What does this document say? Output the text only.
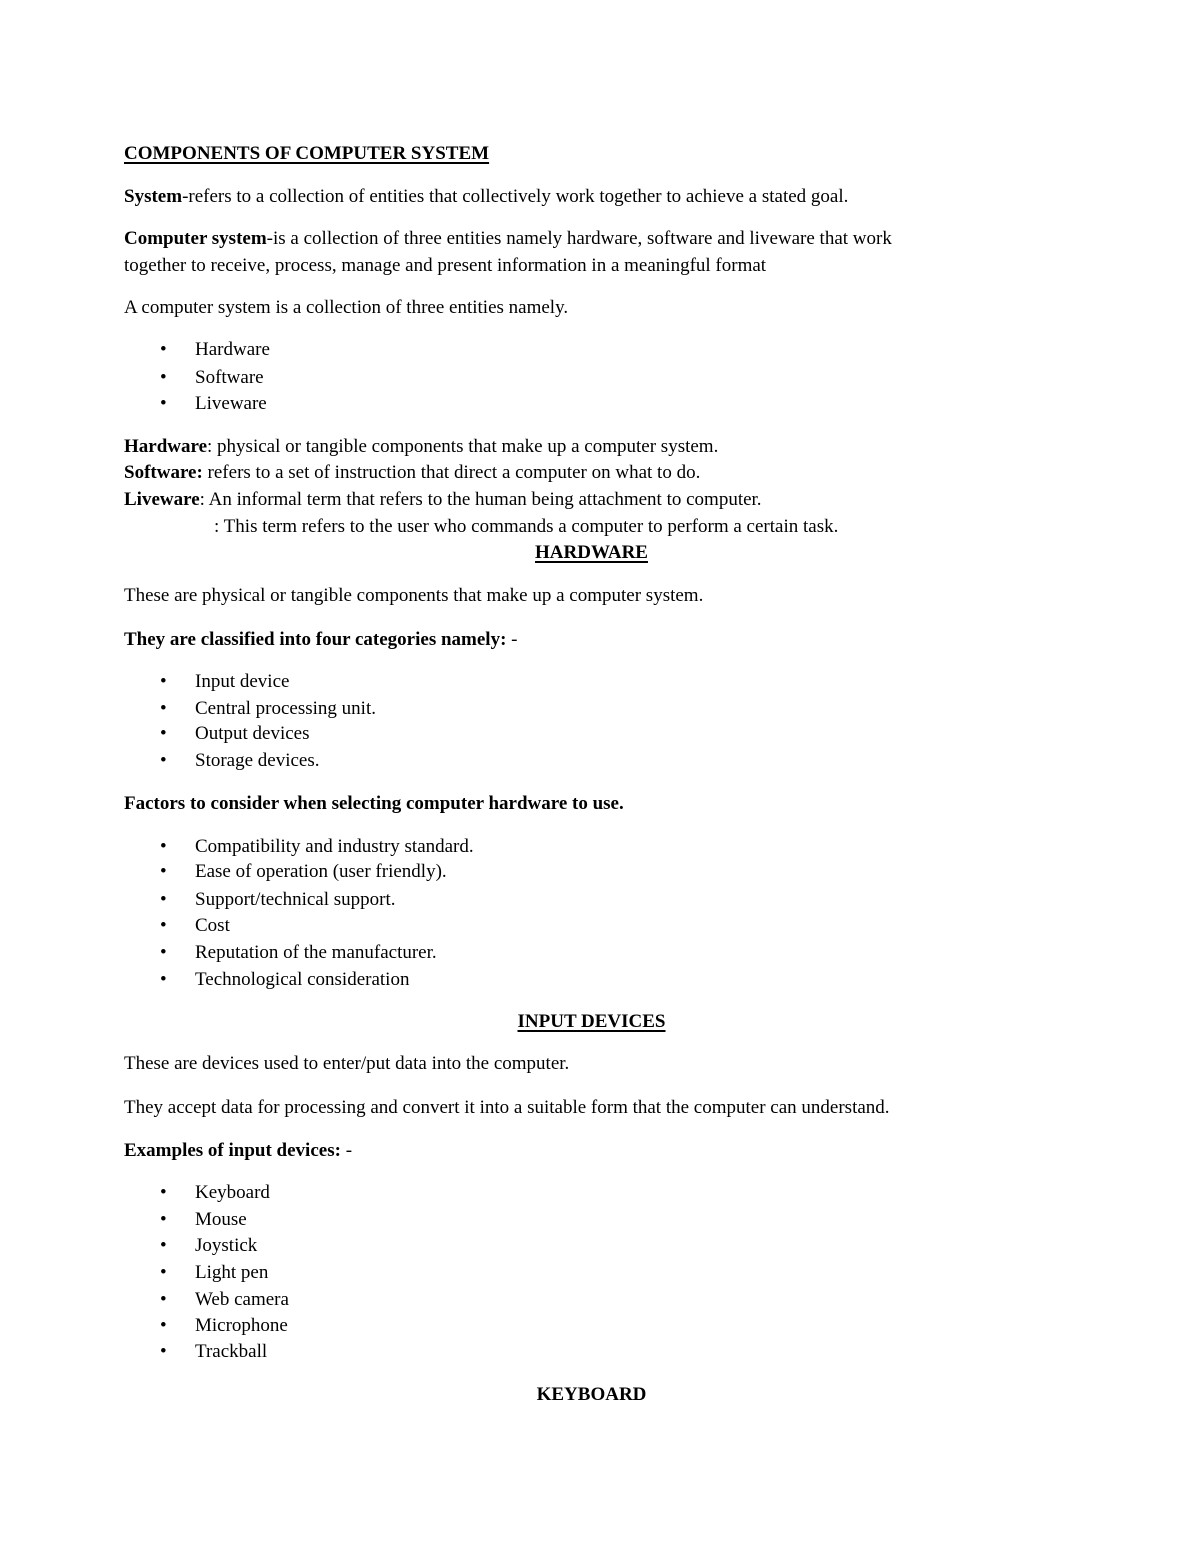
COMPONENTS OF COMPUTER SYSTEM
System-refers to a collection of entities that collectively work together to achieve a stated goal.
Computer system-is a collection of three entities namely hardware, software and liveware that work
together to receive, process, manage and present information in a meaningful format
A computer system is a collection of three entities namely.
• Hardware
• Software
• Liveware
Hardware: physical or tangible components that make up a computer system.
Software: refers to a set of instruction that direct a computer on what to do.
Liveware: An informal term that refers to the human being attachment to computer.
: This term refers to the user who commands a computer to perform a certain task.
HARDWARE
These are physical or tangible components that make up a computer system.
They are classified into four categories namely: -
• Input device
• Central processing unit.
• Output devices
• Storage devices.
Factors to consider when selecting computer hardware to use.
• Compatibility and industry standard.
• Ease of operation (user friendly).
• Support/technical support.
• Cost
• Reputation of the manufacturer.
• Technological consideration
INPUT DEVICES
These are devices used to enter/put data into the computer.
They accept data for processing and convert it into a suitable form that the computer can understand.
Examples of input devices: -
• Keyboard
• Mouse
• Joystick
• Light pen
• Web camera
• Microphone
• Trackball
KEYBOARD
